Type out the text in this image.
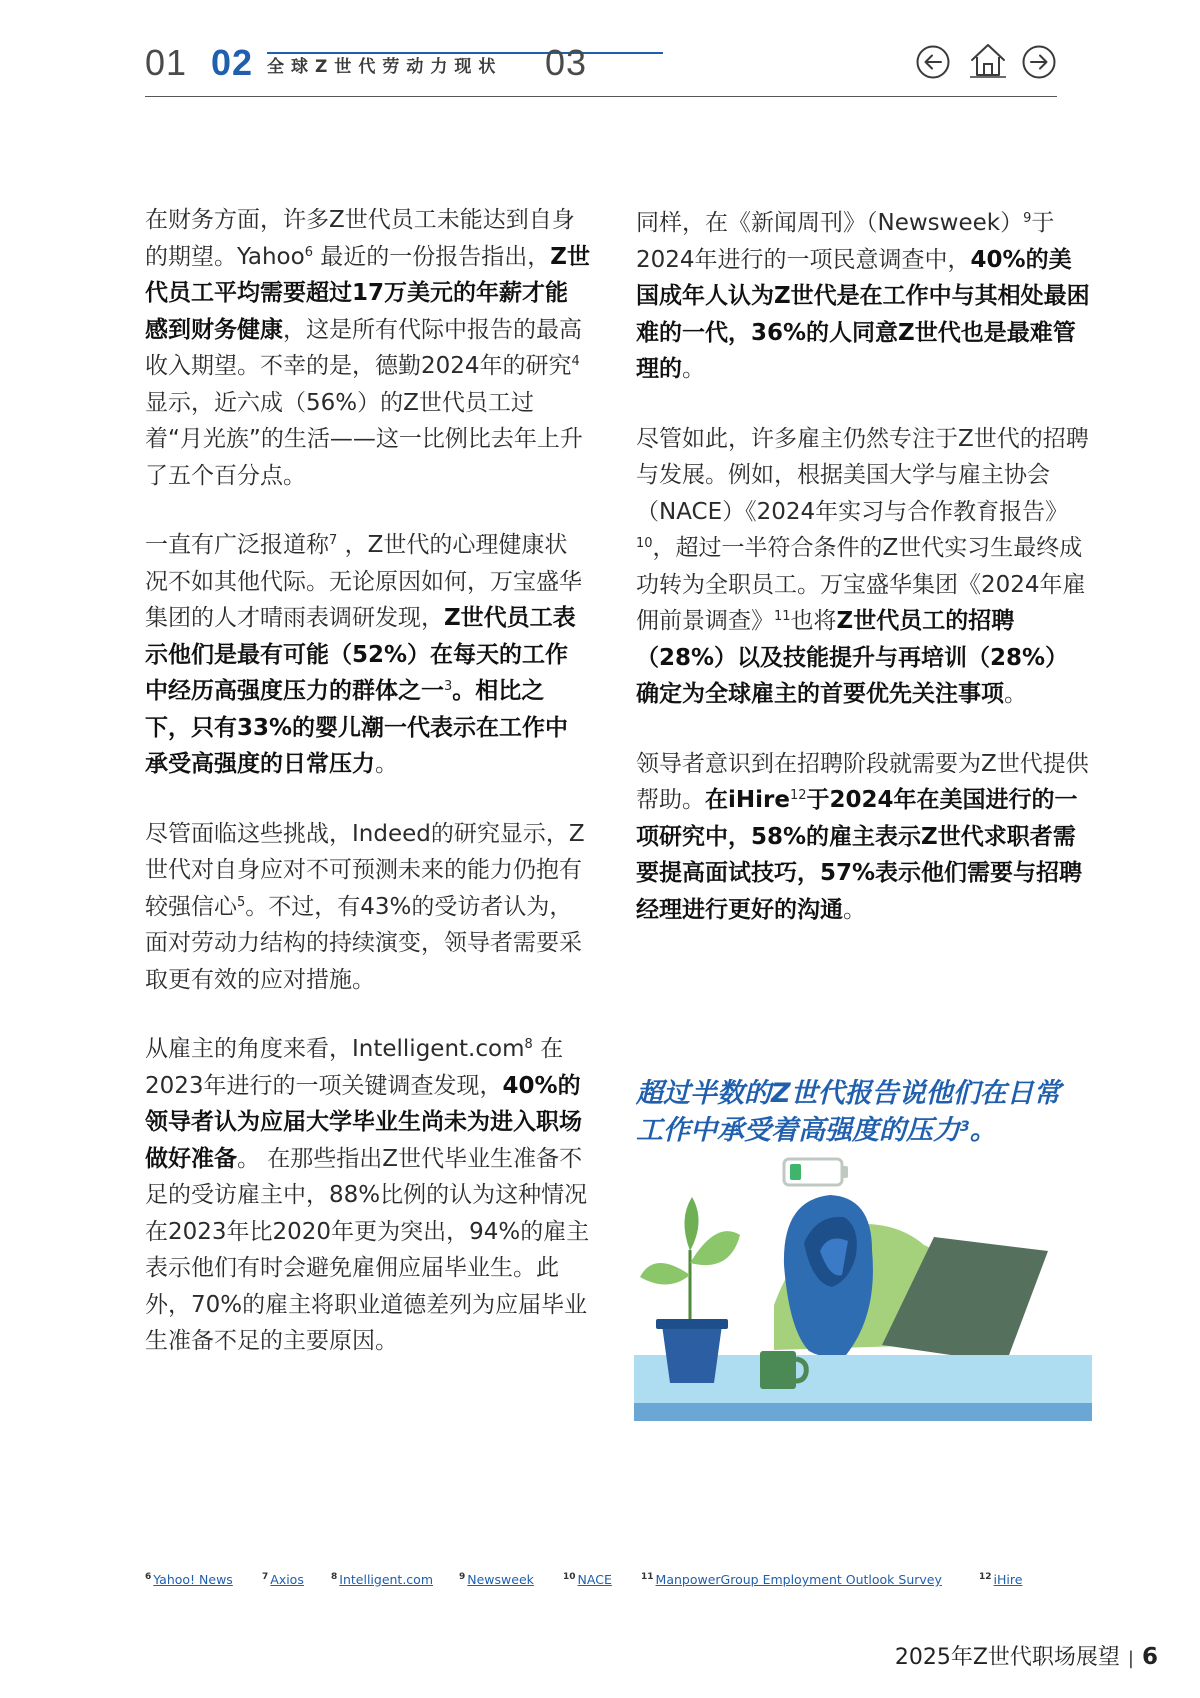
01 02 全球Z世代劳动力现状	03

在财务方面，许多Z世代员工未能达到自身的期望。Yahoo$^6$ 最近的一份报告指出，Z世代员工平均需要超过17万美元的年薪才能感到财务健康，这是所有代际中报告的最高收入期望。不幸的是，德勤2024年的研究$^4$显示，近六成（56%）的Z世代员工过着“月光族”的生活——这一比例比去年上升了五个百分点。

一直有广泛报道称$^7$ ，Z世代的心理健康状况不如其他代际。无论原因如何，万宝盛华集团的人才晴雨表调研发现，Z世代员工表示他们是最有可能（52%）在每天的工作中经历高强度压力的群体之一$^3$。相比之下，只有33%的婴儿潮一代表示在工作中承受高强度的日常压力。

尽管面临这些挑战，Indeed的研究显示，Z世代对自身应对不可预测未来的能力仍抱有较强信心$^5$。不过，有43%的受访者认为，面对劳动力结构的持续演变，领导者需要采取更有效的应对措施。

从雇主的角度来看，Intelligent.com$^8$ 在2023年进行的一项关键调查发现，40%的领导者认为应届大学毕业生尚未为进入职场做好准备。 在那些指出Z世代毕业生准备不足的受访雇主中，88%比例的认为这种情况在2023年比2020年更为突出，94%的雇主表示他们有时会避免雇佣应届毕业生。此外，70%的雇主将职业道德差列为应届毕业生准备不足的主要原因。

同样，在《新闻周刊》（Newsweek）$^9$于2024年进行的一项民意调查中，40%的美国成年人认为Z世代是在工作中与其相处最困难的一代，36%的人同意Z世代也是最难管理的。

尽管如此，许多雇主仍然专注于Z世代的招聘与发展。例如，根据美国大学与雇主协会（NACE）《2024年实习与合作教育报告》$^{10}$，超过一半符合条件的Z世代实习生最终成功转为全职员工。万宝盛华集团《2024年雇佣前景调查》$^{11}$也将Z世代员工的招聘（28%）以及技能提升与再培训（28%）确定为全球雇主的首要优先关注事项。

领导者意识到在招聘阶段就需要为Z世代提供帮助。在iHire$^{12}$于2024年在美国进行的一项研究中，58%的雇主表示Z世代求职者需要提高面试技巧，57%表示他们需要与招聘经理进行更好的沟通。

超过半数的Z世代报告说他们在日常工作中承受着高强度的压力$^3$。
$^6$ Yahoo! News	$^7$ Axios	$^8$ Intelligent.com	$^9$ Newsweek	$^{10}$ NACE	$^{11}$ ManpowerGroup Employment Outlook Survey	$^{12}$ iHire
2025年Z世代职场展望 | 6
